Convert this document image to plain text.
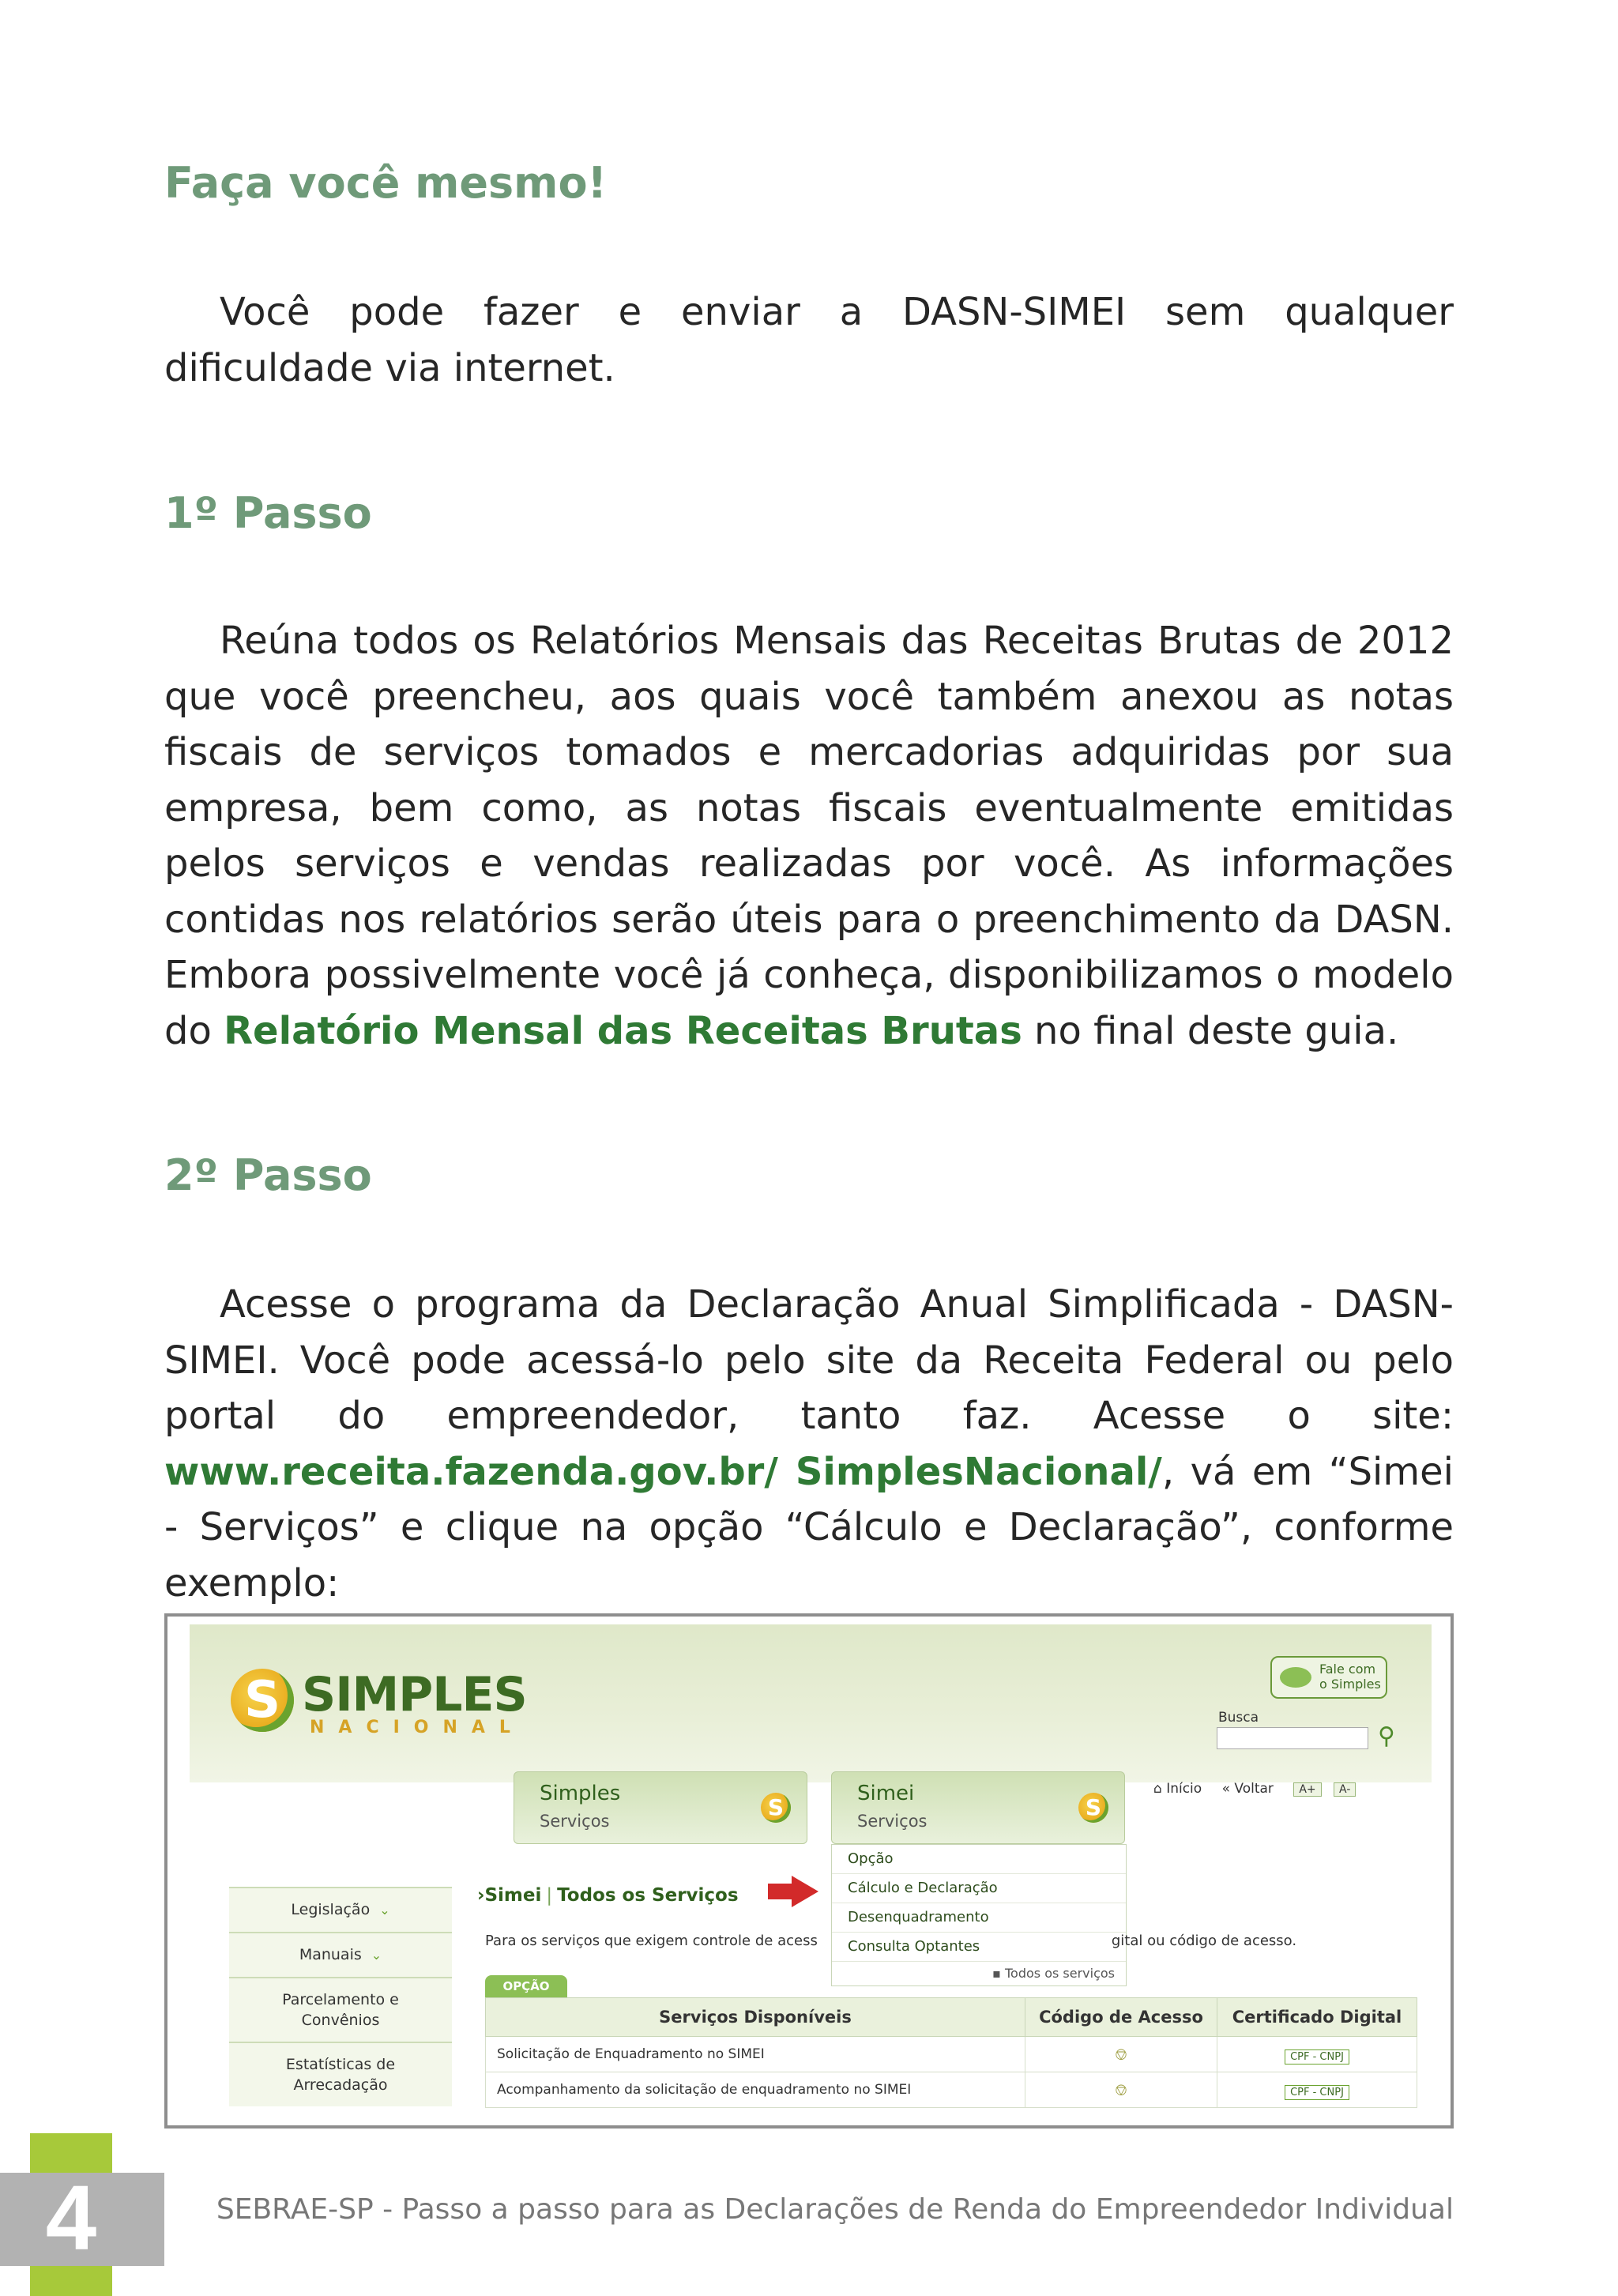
Faça você mesmo!

Você pode fazer e enviar a DASN-SIMEI sem qualquer dificuldade via internet.

1º Passo

Reúna todos os Relatórios Mensais das Receitas Brutas de 2012 que você preencheu, aos quais você também anexou as notas fiscais de serviços tomados e mercadorias adquiridas por sua empresa, bem como, as notas fiscais eventualmente emitidas pelos serviços e vendas realizadas por você. As informações contidas nos relatórios serão úteis para o preenchimento da DASN. Embora possivelmente você já conheça, disponibilizamos o modelo do Relatório Mensal das Receitas Brutas no final deste guia.

2º Passo

Acesse o programa da Declaração Anual Simplificada - DASN-SIMEI. Você pode acessá-lo pelo site da Receita Federal ou pelo portal do empreendedor, tanto faz. Acesse o site: www.receita.fazenda.gov.br/ SimplesNacional/, vá em “Simei - Serviços” e clique na opção “Cálculo e Declaração”, conforme exemplo:

S SIMPLES
NACIONAL
Fale com o Simples
Busca
⚲
Simples
Serviços
S
Simei
Serviços
S
⌂ Início « Voltar A+ A-
Opção
Cálculo e Declaração
Desenquadramento
Consulta Optantes
▪ Todos os serviços
Legislação ⌄
Manuais ⌄
Parcelamento e Convênios
Estatísticas de Arrecadação
›Simei | Todos os Serviços
Para os serviços que exigem controle de acess	gital ou código de acesso.
OPÇÃO
Serviços Disponíveis	Código de Acesso	Certificado Digital
Solicitação de Enquadramento no SIMEI	⎊	CPF - CNPJ
Acompanhamento da solicitação de enquadramento no SIMEI	⎊	CPF - CNPJ
4	SEBRAE-SP - Passo a passo para as Declarações de Renda do Empreendedor Individual
